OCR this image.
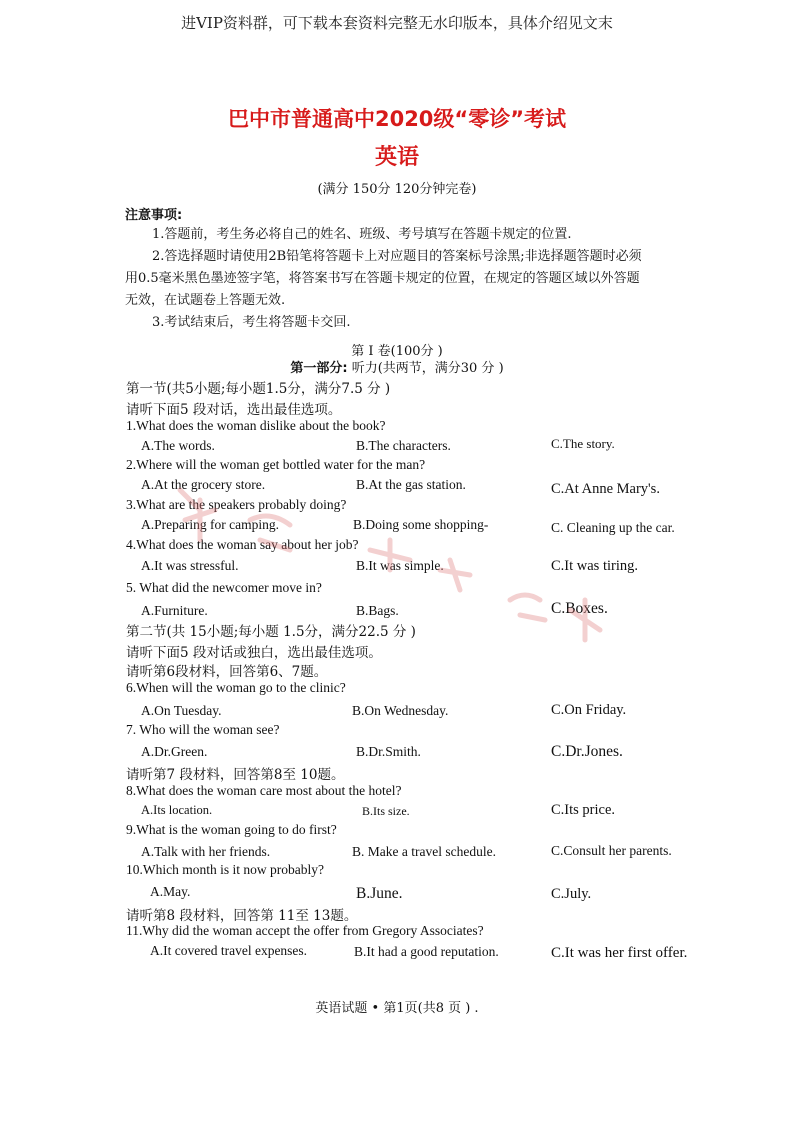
进VIP资料群，可下载本套资料完整无水印版本，具体介绍见文末
巴中市普通高中2020级“零诊”考试
英语
(满分 150分 120分钟完卷)
注意事项:
1.答题前，考生务必将自己的姓名、班级、考号填写在答题卡规定的位置.
2.答选择题时请使用2B铅笔将答题卡上对应题目的答案标号涂黑;非选择题答题时必须
用0.5毫米黑色墨迹签字笔，将答案书写在答题卡规定的位置，在规定的答题区域以外答题
无效，在试题卷上答题无效.
3.考试结束后，考生将答题卡交回.
第 I 卷(100分 )
第一部分: 听力(共两节，满分30 分 )
第一节(共5小题;每小题1.5分，满分7.5 分 )
请听下面5 段对话，选出最佳选项。
1.What does the woman dislike about the book?
A.The words.	B.The characters.	C.The story.
2.Where will the woman get bottled water for the man?
A.At the grocery store.	B.At the gas station.	C.At Anne Mary's.
3.What are the speakers probably doing?
A.Preparing for camping.	B.Doing some shopping-	C. Cleaning up the car.
4.What does the woman say about her job?
A.It was stressful.	B.It was simple.	C.It was tiring.
5. What did the newcomer move in?
A.Furniture.	B.Bags.	C.Boxes.
第二节(共 15小题;每小题 1.5分，满分22.5 分 )
请听下面5 段对话或独白，选出最佳选项。
请听第6段材料，回答第6、7题。
6.When will the woman go to the clinic?
A.On Tuesday.	B.On Wednesday.	C.On Friday.
7. Who will the woman see?
A.Dr.Green.	B.Dr.Smith.	C.Dr.Jones.
请听第7 段材料，回答第8至 10题。
8.What does the woman care most about the hotel?
A.Its location.	B.Its size.	C.Its price.
9.What is the woman going to do first?
A.Talk with her friends.	B. Make a travel schedule.	C.Consult her parents.
10.Which month is it now probably?
A.May.	B.June.	C.July.
请听第8 段材料，回答第 11至 13题。
11.Why did the woman accept the offer from Gregory Associates?
A.It covered travel expenses.	B.It had a good reputation.	C.It was her first offer.
英语试题 • 第1页(共8 页 ) .
